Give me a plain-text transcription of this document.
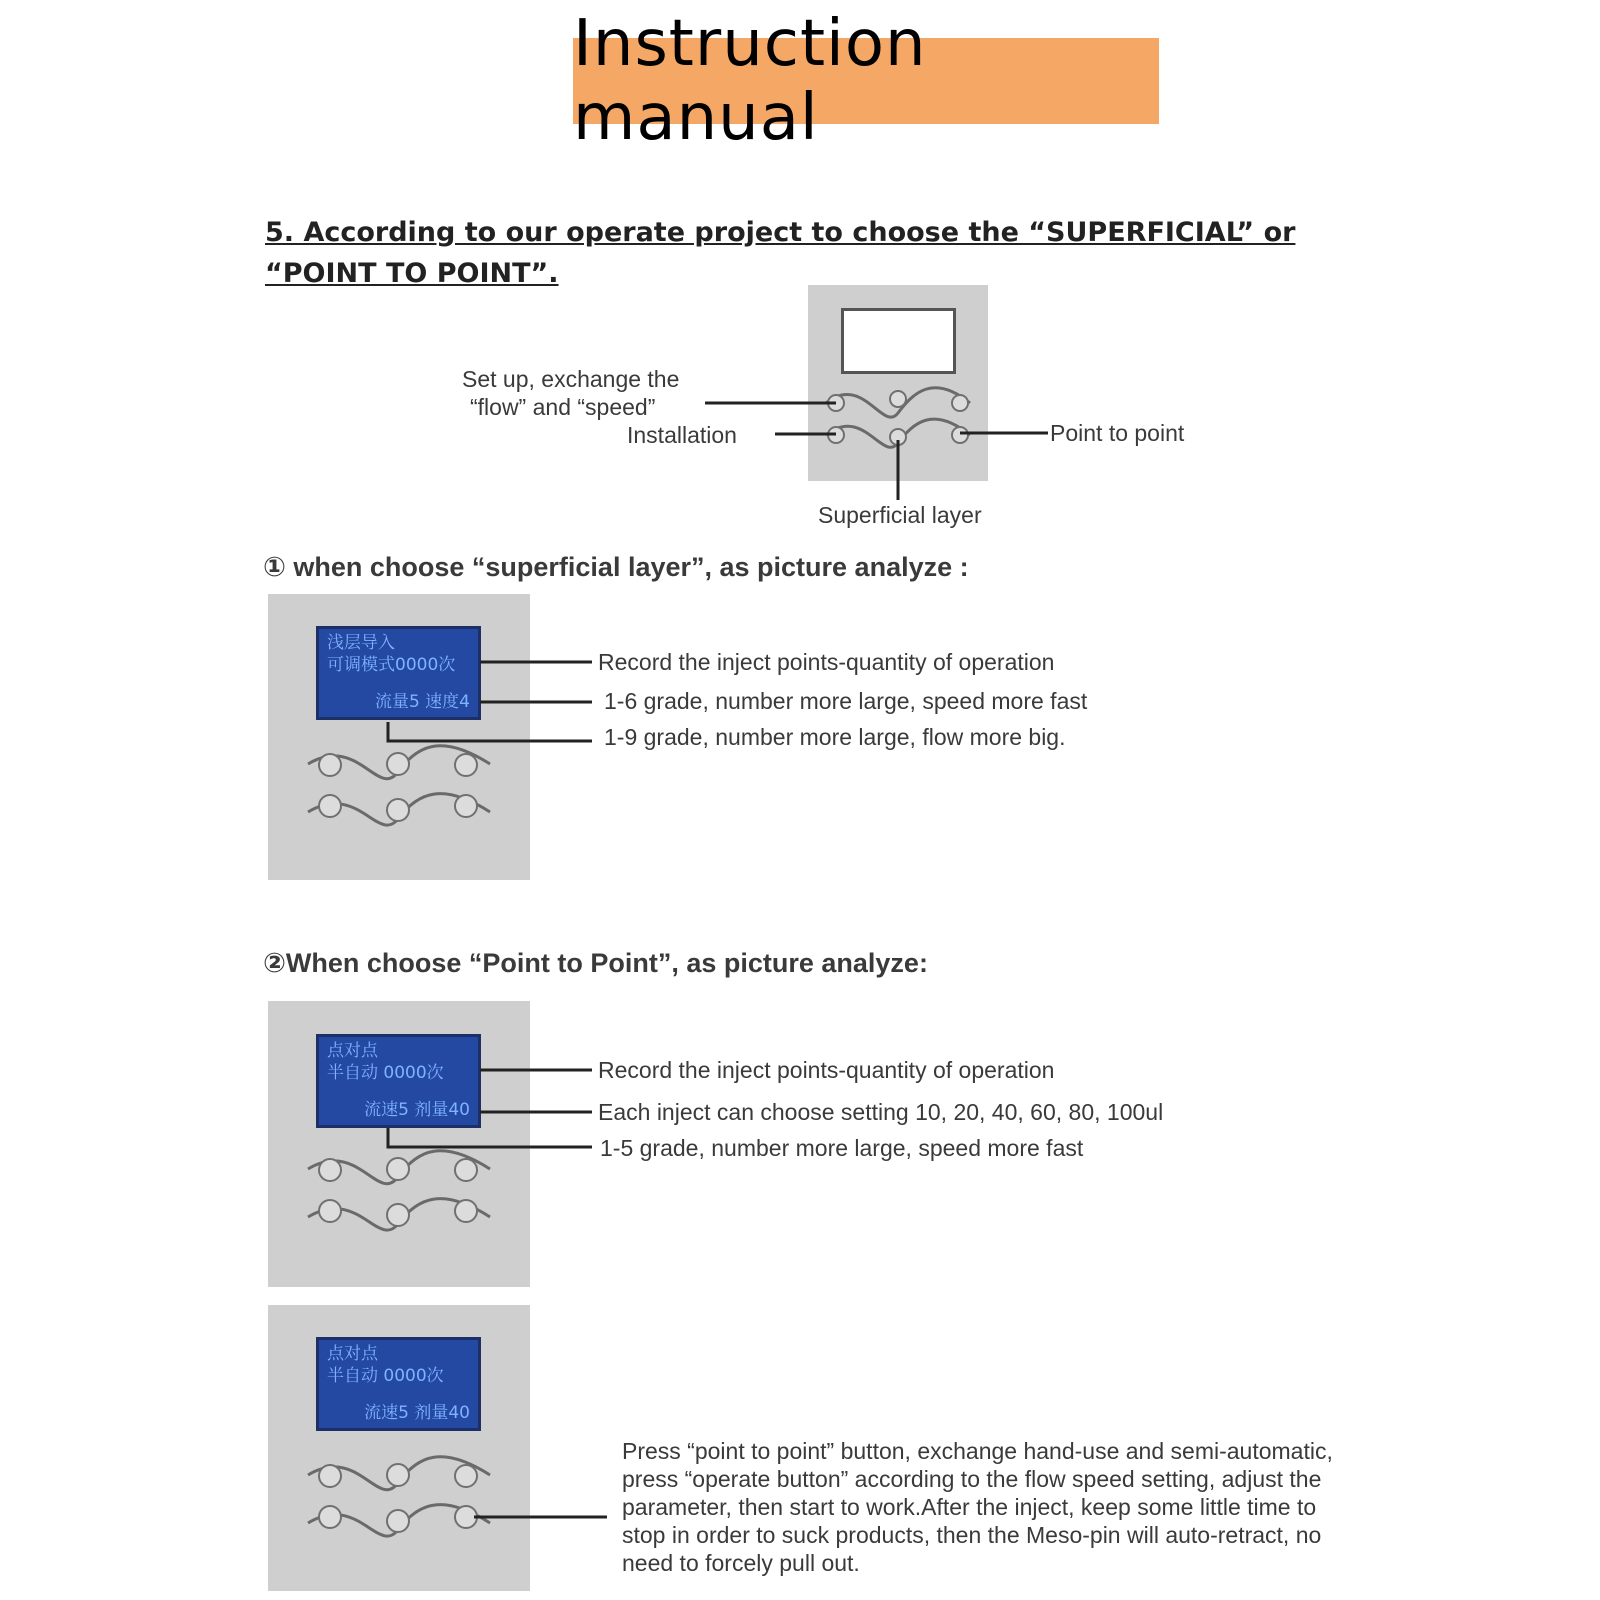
Instruction manual
5. According to our operate project to choose the “SUPERFICIAL” or
“POINT TO POINT”.
Set up, exchange the
“flow” and “speed”
Installation	Point to point
Superficial layer
① when choose “superficial layer”, as picture analyze :
浅层导入
可调模式0000次
流量5 速度4
Record the inject points-quantity of operation
1-6 grade, number more large, speed more fast
1-9 grade, number more large, flow more big.
②When choose “Point to Point”, as picture analyze:
点对点
半自动 0000次
流速5 剂量40
Record the inject points-quantity of operation
Each inject can choose setting 10, 20, 40, 60, 80, 100ul
1-5 grade, number more large, speed more fast
点对点
半自动 0000次
流速5 剂量40
Press “point to point” button, exchange hand-use and semi-automatic,
press “operate button” according to the flow speed setting, adjust the
parameter, then start to work.After the inject, keep some little time to
stop in order to suck products, then the Meso-pin will auto-retract, no
need to forcely pull out.
